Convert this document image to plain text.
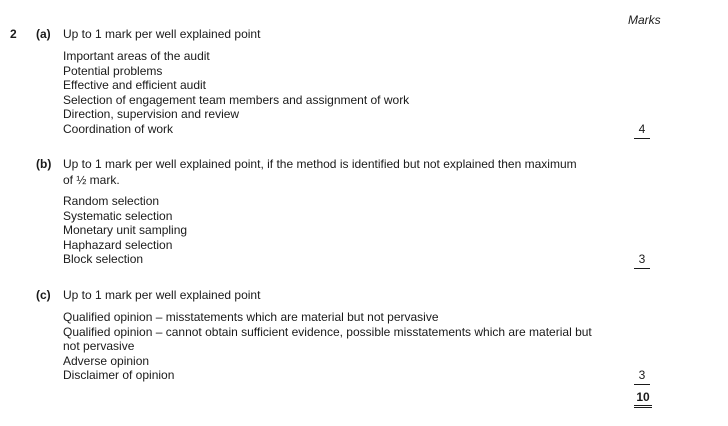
Marks
2 (a) Up to 1 mark per well explained point
Important areas of the audit
Potential problems
Effective and efficient audit
Selection of engagement team members and assignment of work
Direction, supervision and review
Coordination of work	4
(b) Up to 1 mark per well explained point, if the method is identified but not explained then maximum
of ½ mark.
Random selection
Systematic selection
Monetary unit sampling
Haphazard selection
Block selection	3
(c) Up to 1 mark per well explained point
Qualified opinion – misstatements which are material but not pervasive
Qualified opinion – cannot obtain sufficient evidence, possible misstatements which are material but
not pervasive
Adverse opinion
Disclaimer of opinion	3
10
